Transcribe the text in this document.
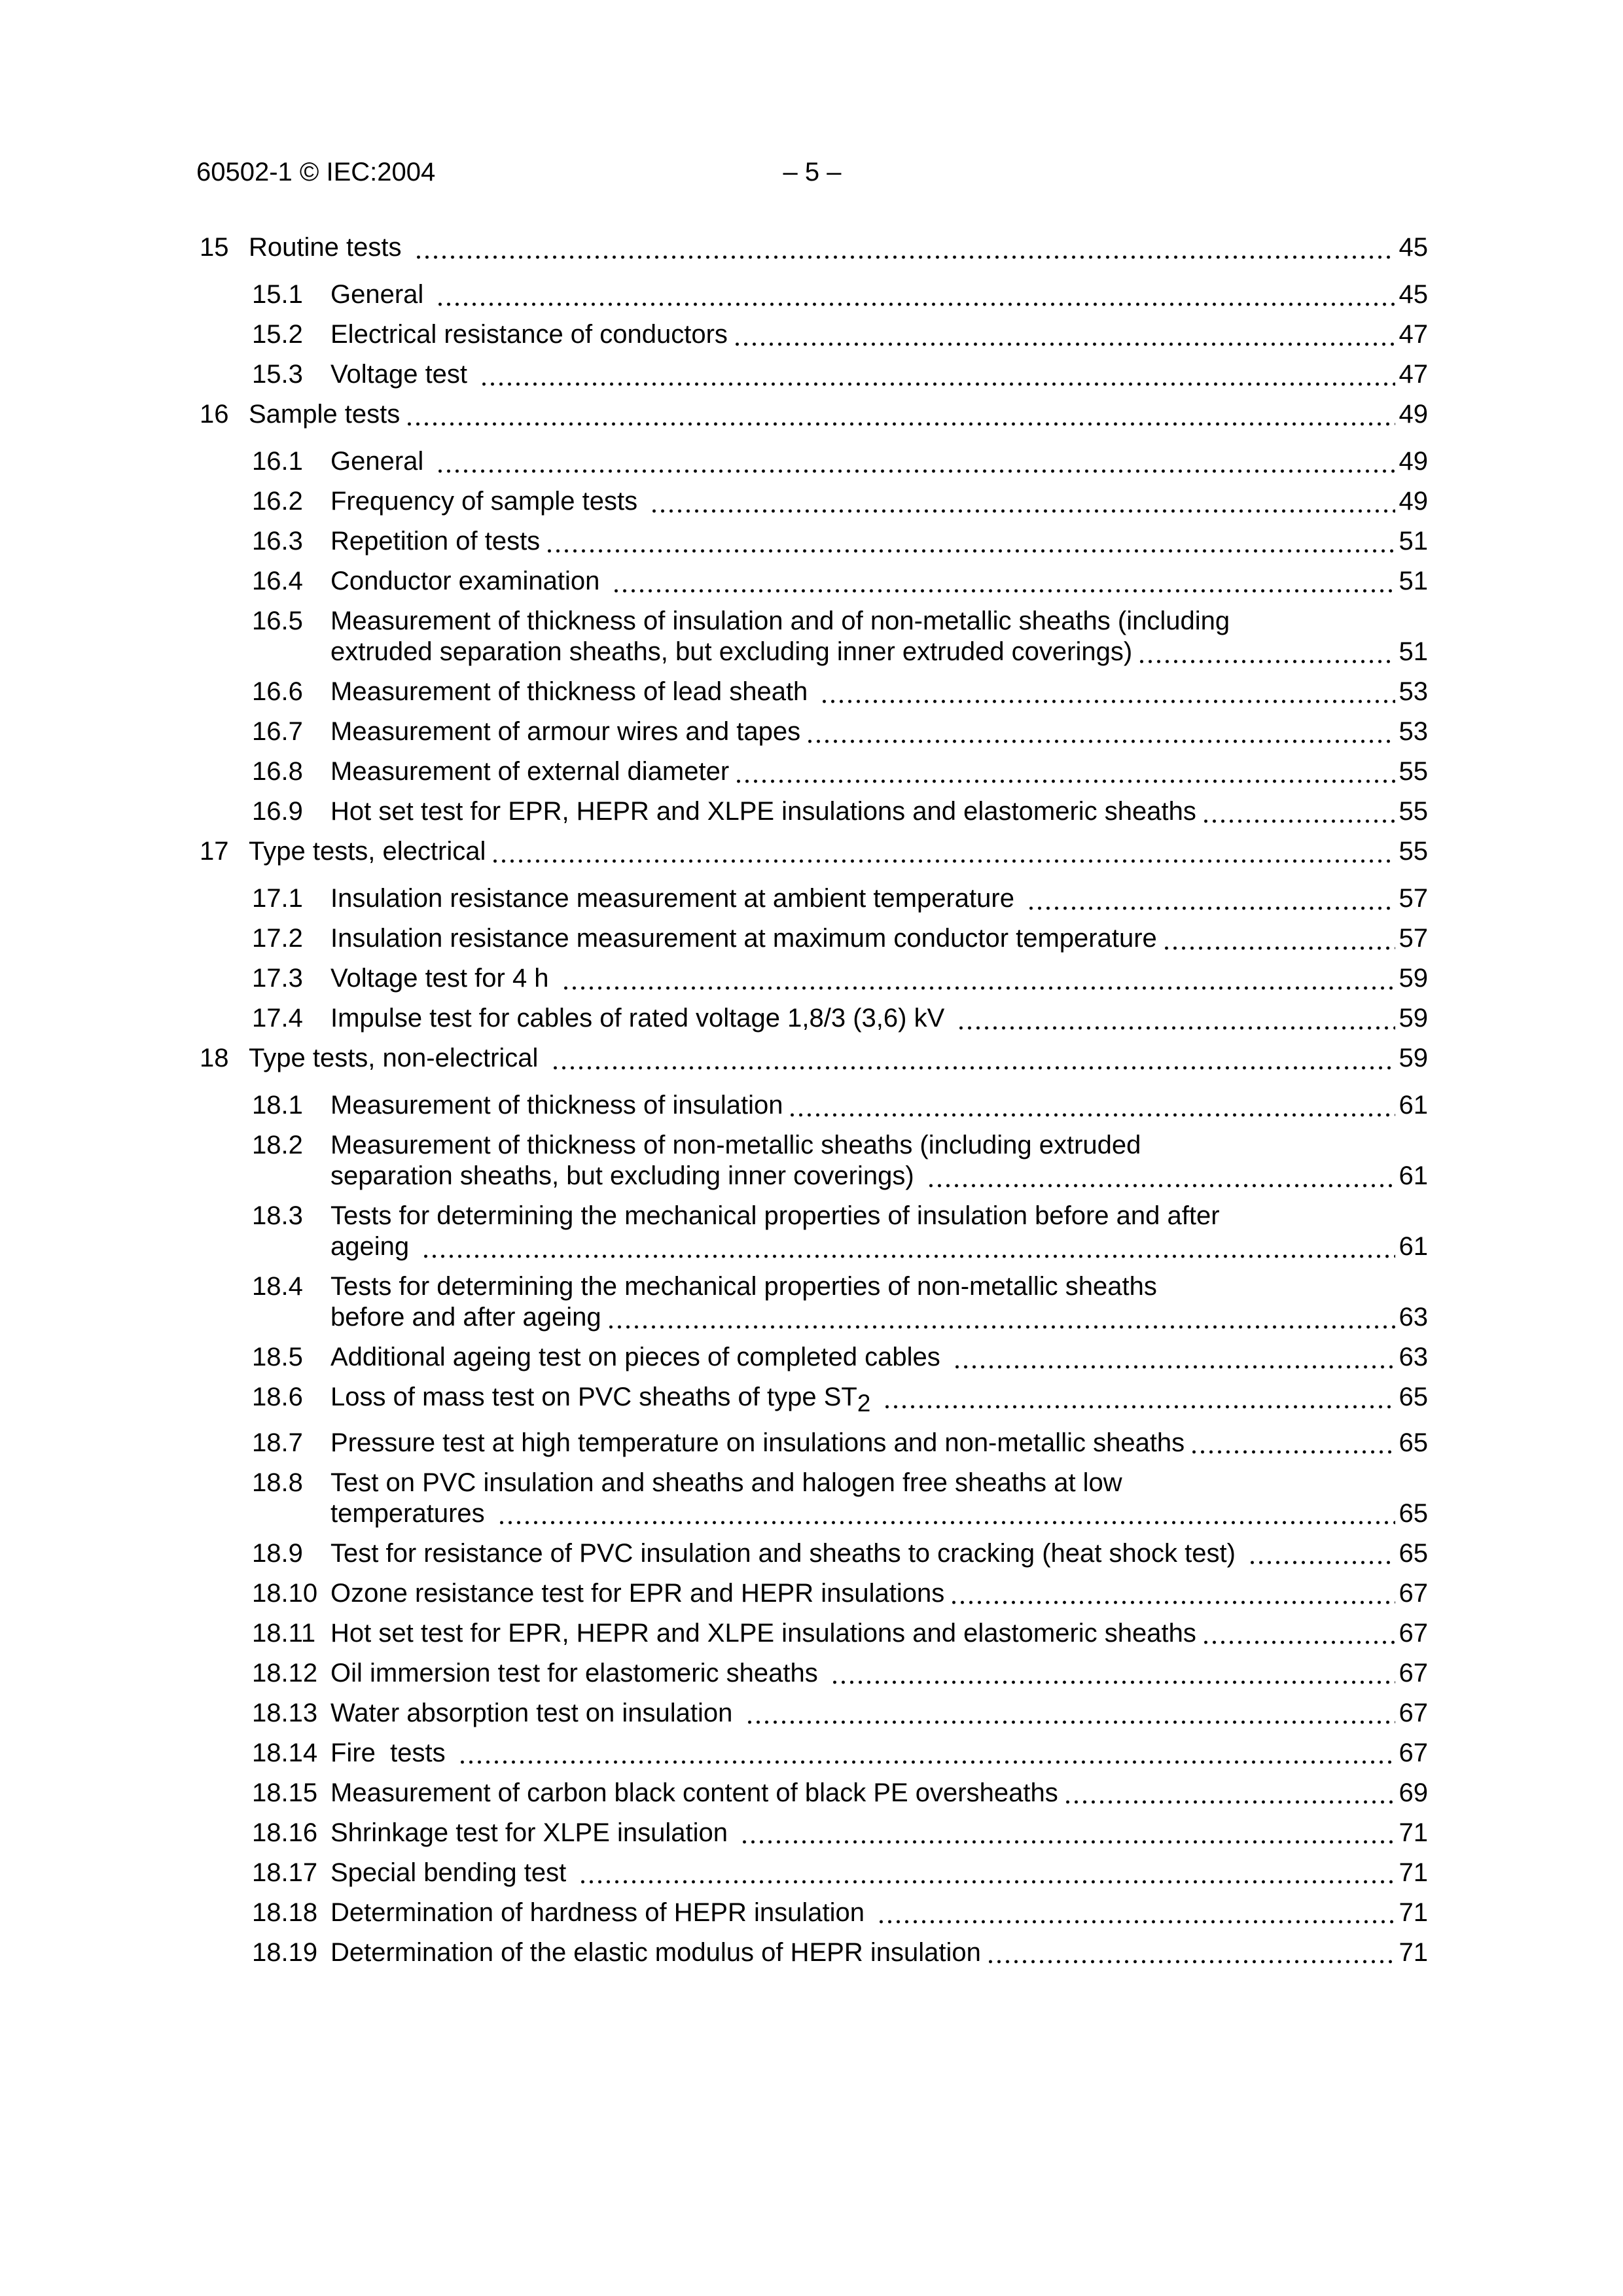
60502-1 © IEC:2004	– 5 –
15 Routine tests	45
15.1	General	45
15.2	Electrical resistance of conductors	47
15.3	Voltage test	47
16 Sample tests	49
16.1	General	49
16.2	Frequency of sample tests	49
16.3	Repetition of tests	51
16.4	Conductor examination	51
16.5	Measurement of thickness of insulation and of non-metallic sheaths (including
extruded separation sheaths, but excluding inner extruded coverings)	51
16.6	Measurement of thickness of lead sheath	53
16.7	Measurement of armour wires and tapes	53
16.8	Measurement of external diameter	55
16.9	Hot set test for EPR, HEPR and XLPE insulations and elastomeric sheaths	55
17 Type tests, electrical	55
17.1	Insulation resistance measurement at ambient temperature	57
17.2	Insulation resistance measurement at maximum conductor temperature	57
17.3	Voltage test for 4 h	59
17.4	Impulse test for cables of rated voltage 1,8/3 (3,6) kV	59
18 Type tests, non-electrical	59
18.1	Measurement of thickness of insulation	61
18.2	Measurement of thickness of non-metallic sheaths (including extruded
separation sheaths, but excluding inner coverings)	61
18.3	Tests for determining the mechanical properties of insulation before and after
ageing	61
18.4	Tests for determining the mechanical properties of non-metallic sheaths
before and after ageing	63
18.5	Additional ageing test on pieces of completed cables	63
18.6	Loss of mass test on PVC sheaths of type ST2	65
18.7	Pressure test at high temperature on insulations and non-metallic sheaths	65
18.8	Test on PVC insulation and sheaths and halogen free sheaths at low
temperatures	65
18.9	Test for resistance of PVC insulation and sheaths to cracking (heat shock test)	65
18.10 Ozone resistance test for EPR and HEPR insulations	67
18.11 Hot set test for EPR, HEPR and XLPE insulations and elastomeric sheaths	67
18.12 Oil immersion test for elastomeric sheaths	67
18.13 Water absorption test on insulation	67
18.14 Fire  tests	67
18.15 Measurement of carbon black content of black PE oversheaths	69
18.16 Shrinkage test for XLPE insulation	71
18.17 Special bending test	71
18.18 Determination of hardness of HEPR insulation	71
18.19 Determination of the elastic modulus of HEPR insulation	71
